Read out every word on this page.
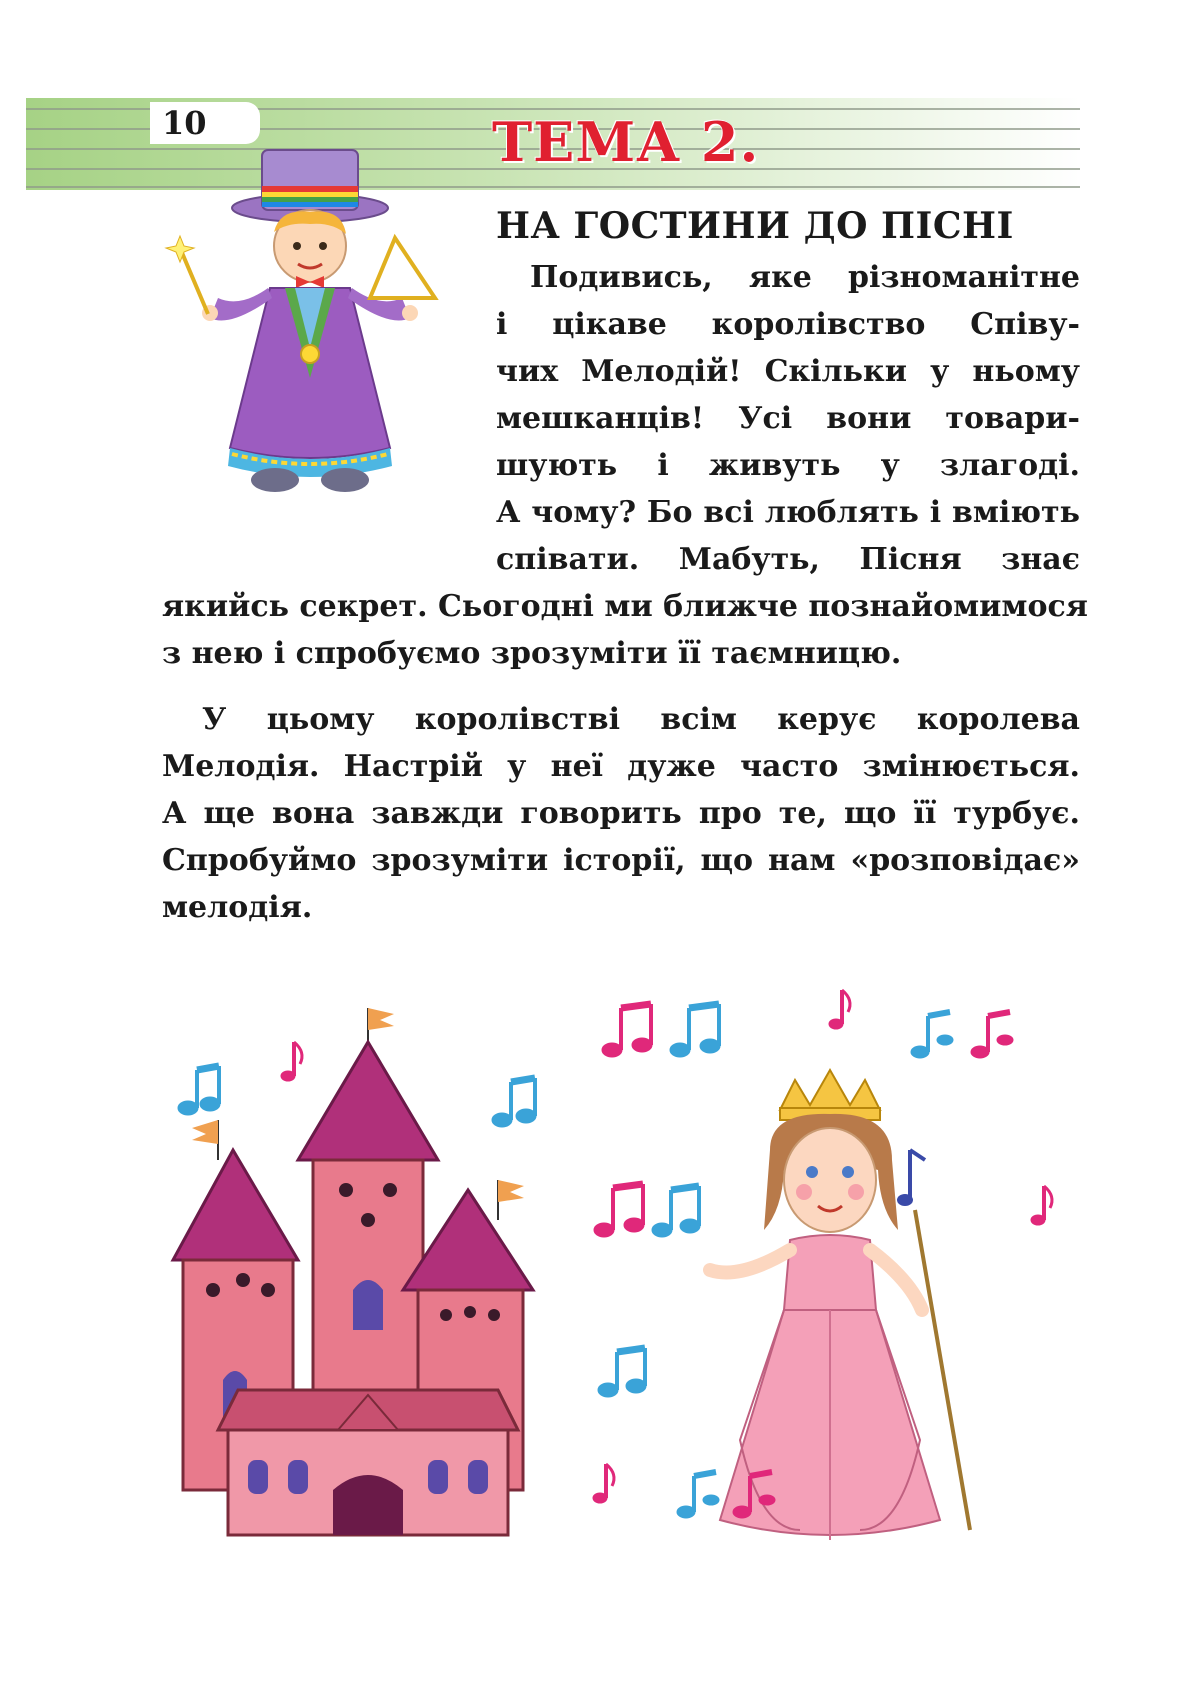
10	ТЕМА 2.
НА ГОСТИНИ ДО ПІСНІ
Подивись, яке різноманітне
і цікаве королівство Співу-
чих Мелодій! Скільки у ньому
мешканців! Усі вони товари-
шують і живуть у злагоді.
А чому? Бо всі люблять і вміють
співати. Мабуть, Пісня знає
якийсь секрет. Сьогодні ми ближче познайомимося
з нею і спробуємо зрозуміти її таємницю.
У цьому королівстві всім керує королева
Мелодія. Настрій у неї дуже часто змінюється.
А ще вона завжди говорить про те, що її турбує.
Спробуймо зрозуміти історії, що нам «розповідає»
мелодія.
